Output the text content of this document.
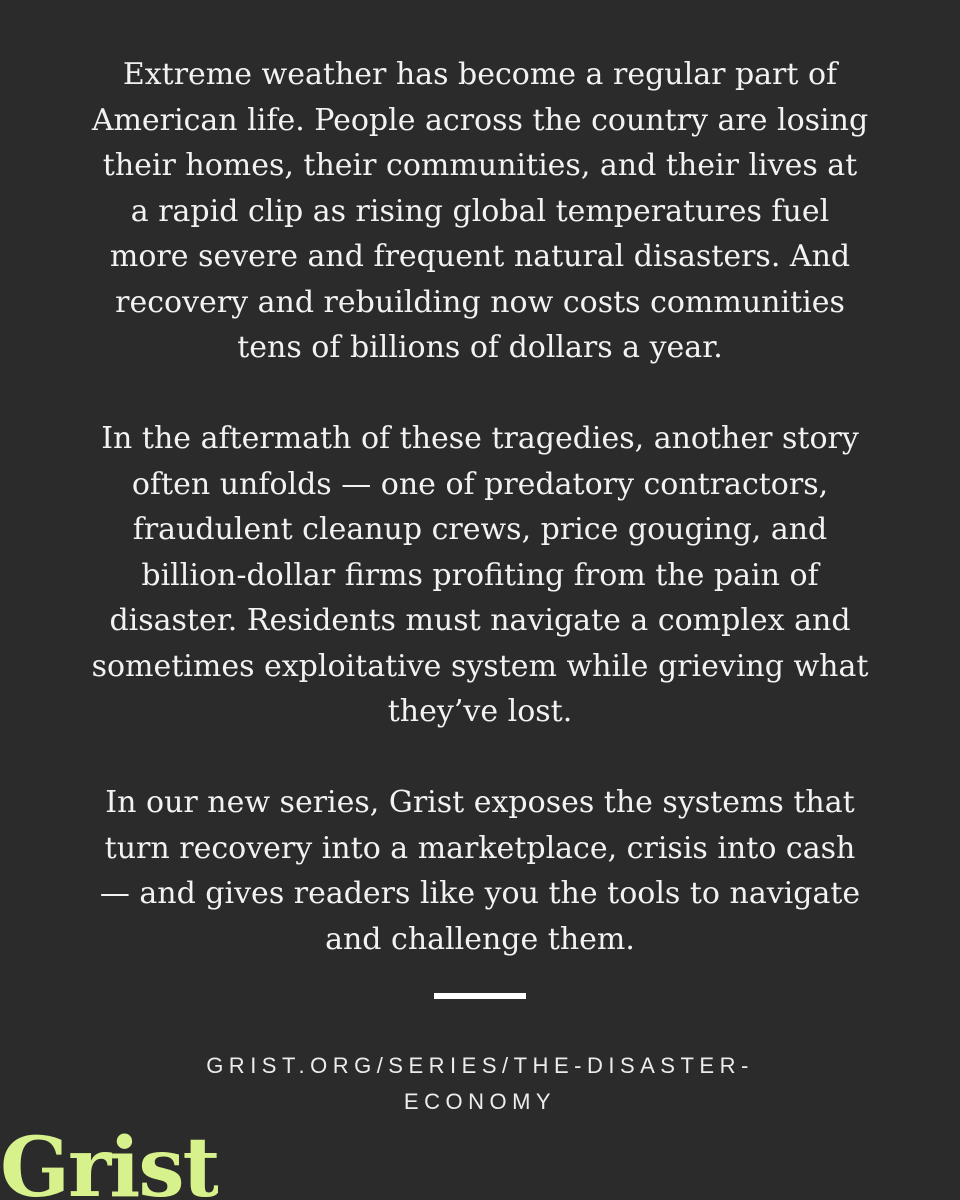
Extreme weather has become a regular part of American life. People across the country are losing their homes, their communities, and their lives at a rapid clip as rising global temperatures fuel more severe and frequent natural disasters. And recovery and rebuilding now costs communities tens of billions of dollars a year.

In the aftermath of these tragedies, another story often unfolds — one of predatory contractors, fraudulent cleanup crews, price gouging, and billion-dollar firms profiting from the pain of disaster. Residents must navigate a complex and sometimes exploitative system while grieving what they’ve lost.

In our new series, Grist exposes the systems that turn recovery into a marketplace, crisis into cash — and gives readers like you the tools to navigate and challenge them.

GRIST.ORG/SERIES/THE-DISASTER-ECONOMY
Grist
